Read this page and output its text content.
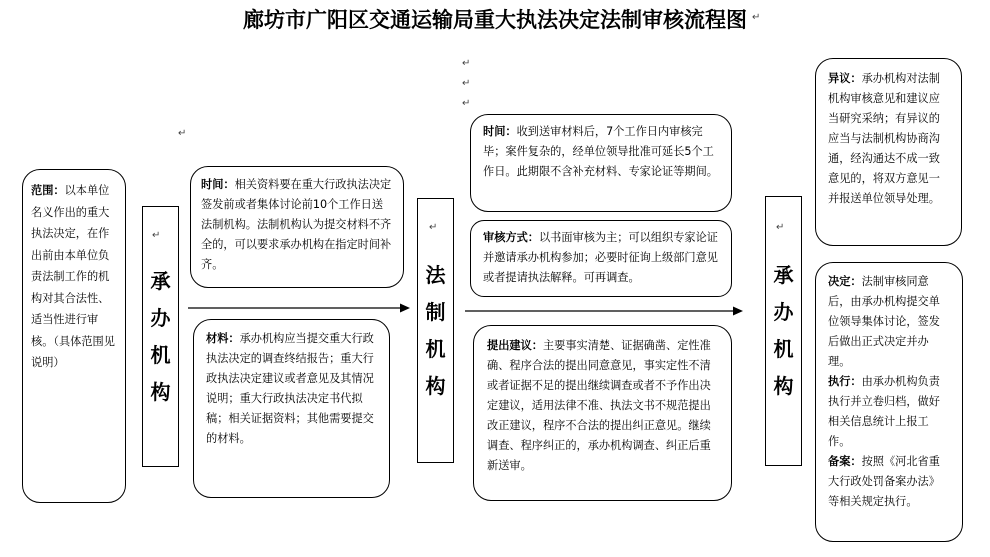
廊坊市广阳区交通运输局重大执法决定法制审核流程图
范围：以本单位名义作出的重大执法决定，在作出前由本单位负责法制工作的机构对其合法性、适当性进行审核。（具体范围见说明）
承办机构
时间：相关资料要在重大行政执法决定签发前或者集体讨论前10个工作日送法制机构。法制机构认为提交材料不齐全的，可以要求承办机构在指定时间补齐。
材料：承办机构应当提交重大行政执法决定的调查终结报告；重大行政执法决定建议或者意见及其情况说明；重大行政执法决定书代拟稿；相关证据资料；其他需要提交的材料。
法制机构
时间：收到送审材料后，7个工作日内审核完毕；案件复杂的，经单位领导批准可延长5个工作日。此期限不含补充材料、专家论证等期间。
审核方式：以书面审核为主；可以组织专家论证并邀请承办机构参加；必要时征询上级部门意见或者提请执法解释。可再调查。
提出建议：主要事实清楚、证据确凿、定性准确、程序合法的提出同意意见，事实定性不清或者证据不足的提出继续调查或者不予作出决定建议，适用法律不准、执法文书不规范提出改正建议，程序不合法的提出纠正意见。继续调查、程序纠正的，承办机构调查、纠正后重新送审。
承办机构
异议：承办机构对法制机构审核意见和建议应当研究采纳；有异议的应当与法制机构协商沟通，经沟通达不成一致意见的，将双方意见一并报送单位领导处理。
决定：法制审核同意后，由承办机构提交单位领导集体讨论，签发后做出正式决定并办理。
执行：由承办机构负责执行并立卷归档，做好相关信息统计上报工作。
备案：按照《河北省重大行政处罚备案办法》等相关规定执行。
↵
↵
↵
↵
↵
↵
↵	↵
